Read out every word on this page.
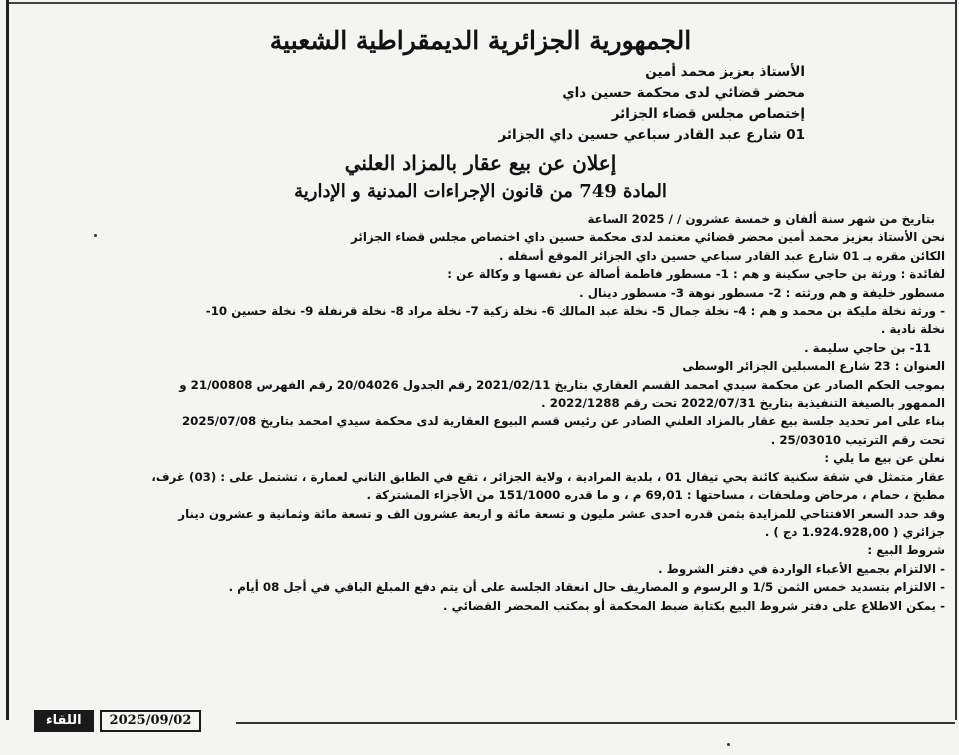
الجمهورية الجزائرية الديمقراطية الشعبية
الأستاذ بعزيز محمد أمين
محضر قضائي لدى محكمة حسين داي
إختصاص مجلس قضاء الجزائر
01 شارع عبد القادر سباعي حسين داي الجزائر
إعلان عن بيع عقار بالمزاد العلني
المادة 749 من قانون الإجراءات المدنية و الإدارية
بتاريخ من شهر سنة ألفان و خمسة عشرون / / 2025 الساعة
نحن الأستاذ بعزيز محمد أمين محضر قضائي معتمد لدى محكمة حسين داي اختصاص مجلس قضاء الجزائر
الكائن مقره بـ 01 شارع عبد القادر سباعي حسين داي الجزائر الموقع أسفله .
لفائدة : ورثة بن حاجي سكينة و هم : 1- مسطور فاطمة أصالة عن نفسها و وكالة عن :
مسطور خليفة و هم ورثته : 2- مسطور نوهة 3- مسطور دينال .
- ورثة نخلة مليكة بن محمد و هم : 4- نخلة جمال 5- نخلة عبد المالك 6- نخلة زكية 7- نخلة مراد 8- نخلة قرنفلة 9- نخلة حسين 10-
نخلة نادية .
11- بن حاجي سليمة .
العنوان : 23 شارع المسبلين الجزائر الوسطى
بموجب الحكم الصادر عن محكمة سيدي امحمد القسم العقاري بتاريخ 2021/02/11 رقم الجدول 20/04026 رقم الفهرس 21/00808 و
الممهور بالصيغة التنفيذية بتاريخ 2022/07/31 تحت رقم 2022/1288 .
بناء على امر تحديد جلسة بيع عقار بالمزاد العلني الصادر عن رئيس قسم البيوع العقارية لدى محكمة سيدي امحمد بتاريخ 2025/07/08
تحت رقم الترتيب 25/03010 .
نعلن عن بيع ما يلي :
عقار متمثل في شقة سكنية كائنة بحي تيفال 01 ، بلدية المرادية ، ولاية الجزائر ، تقع في الطابق الثاني لعمارة ، تشتمل على : (03) غرف،
مطبخ ، حمام ، مرحاض وملحقات ، مساحتها : 69,01 م ، و ما قدره 151/1000 من الأجزاء المشتركة .
وقد حدد السعر الافتتاحي للمزايدة بثمن قدره احدى عشر مليون و تسعة مائة و اربعة عشرون الف و تسعة مائة وثمانية و عشرون دينار
جزائري ( 1.924.928,00 دج ) .
شروط البيع :
- الالتزام بجميع الأعباء الواردة في دفتر الشروط .
- الالتزام بتسديد خمس الثمن 1/5 و الرسوم و المصاريف حال انعقاد الجلسة على أن يتم دفع المبلغ الباقي في أجل 08 أيام .
- يمكن الاطلاع على دفتر شروط البيع بكتابة ضبط المحكمة أو بمكتب المحضر القضائي .
اللقاء	2025/09/02
